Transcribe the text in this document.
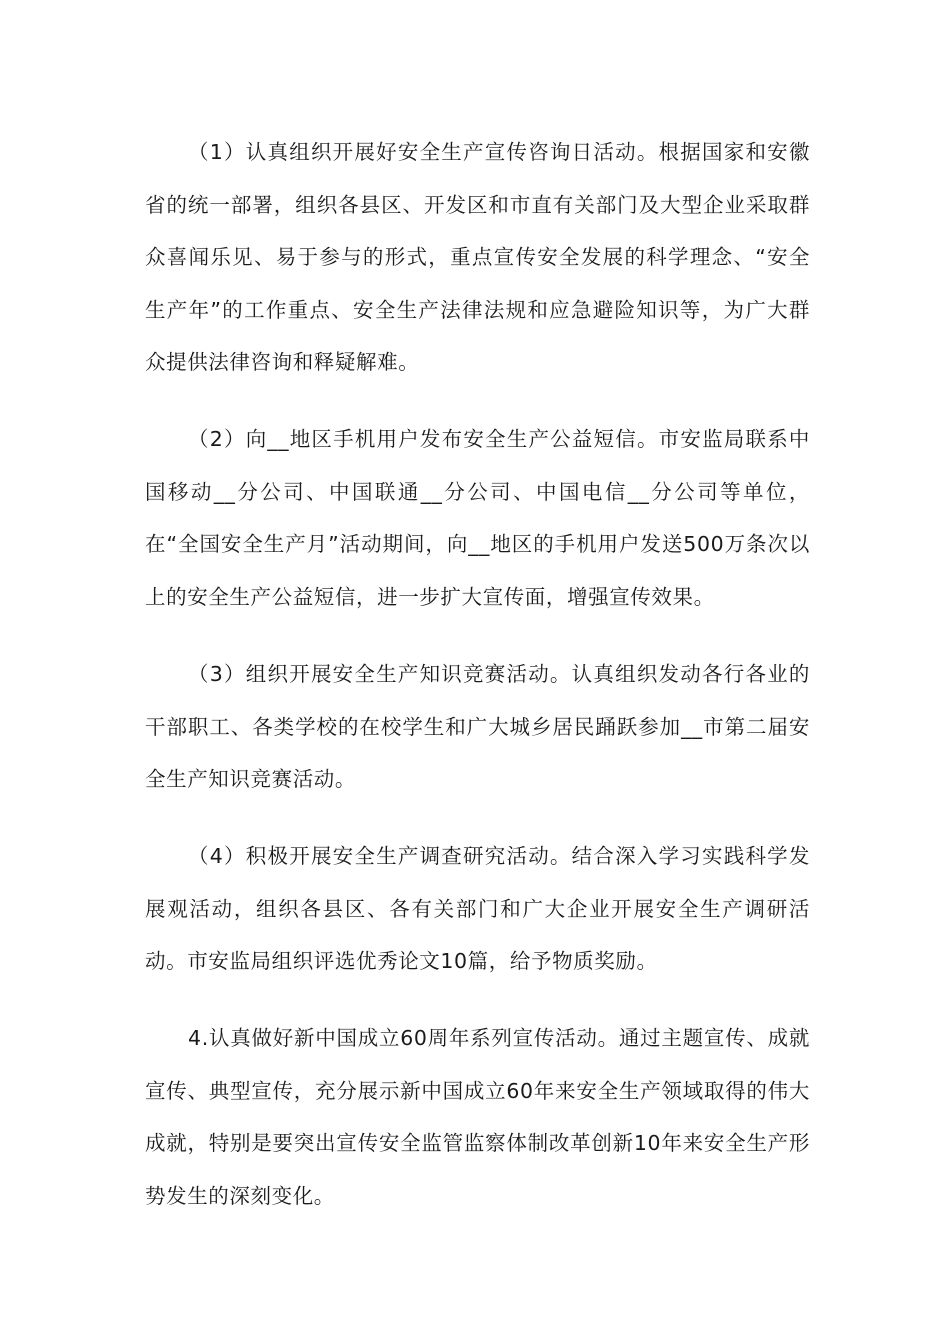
（1）认真组织开展好安全生产宣传咨询日活动。根据国家和安徽省的统一部署，组织各县区、开发区和市直有关部门及大型企业采取群众喜闻乐见、易于参与的形式，重点宣传安全发展的科学理念、“安全生产年”的工作重点、安全生产法律法规和应急避险知识等，为广大群众提供法律咨询和释疑解难。

（2）向__地区手机用户发布安全生产公益短信。市安监局联系中国移动__分公司、中国联通__分公司、中国电信__分公司等单位，在“全国安全生产月”活动期间，向__地区的手机用户发送500万条次以上的安全生产公益短信，进一步扩大宣传面，增强宣传效果。

（3）组织开展安全生产知识竞赛活动。认真组织发动各行各业的干部职工、各类学校的在校学生和广大城乡居民踊跃参加__市第二届安全生产知识竞赛活动。

（4）积极开展安全生产调查研究活动。结合深入学习实践科学发展观活动，组织各县区、各有关部门和广大企业开展安全生产调研活动。市安监局组织评选优秀论文10篇，给予物质奖励。

4.认真做好新中国成立60周年系列宣传活动。通过主题宣传、成就宣传、典型宣传，充分展示新中国成立60年来安全生产领域取得的伟大成就，特别是要突出宣传安全监管监察体制改革创新10年来安全生产形势发生的深刻变化。
